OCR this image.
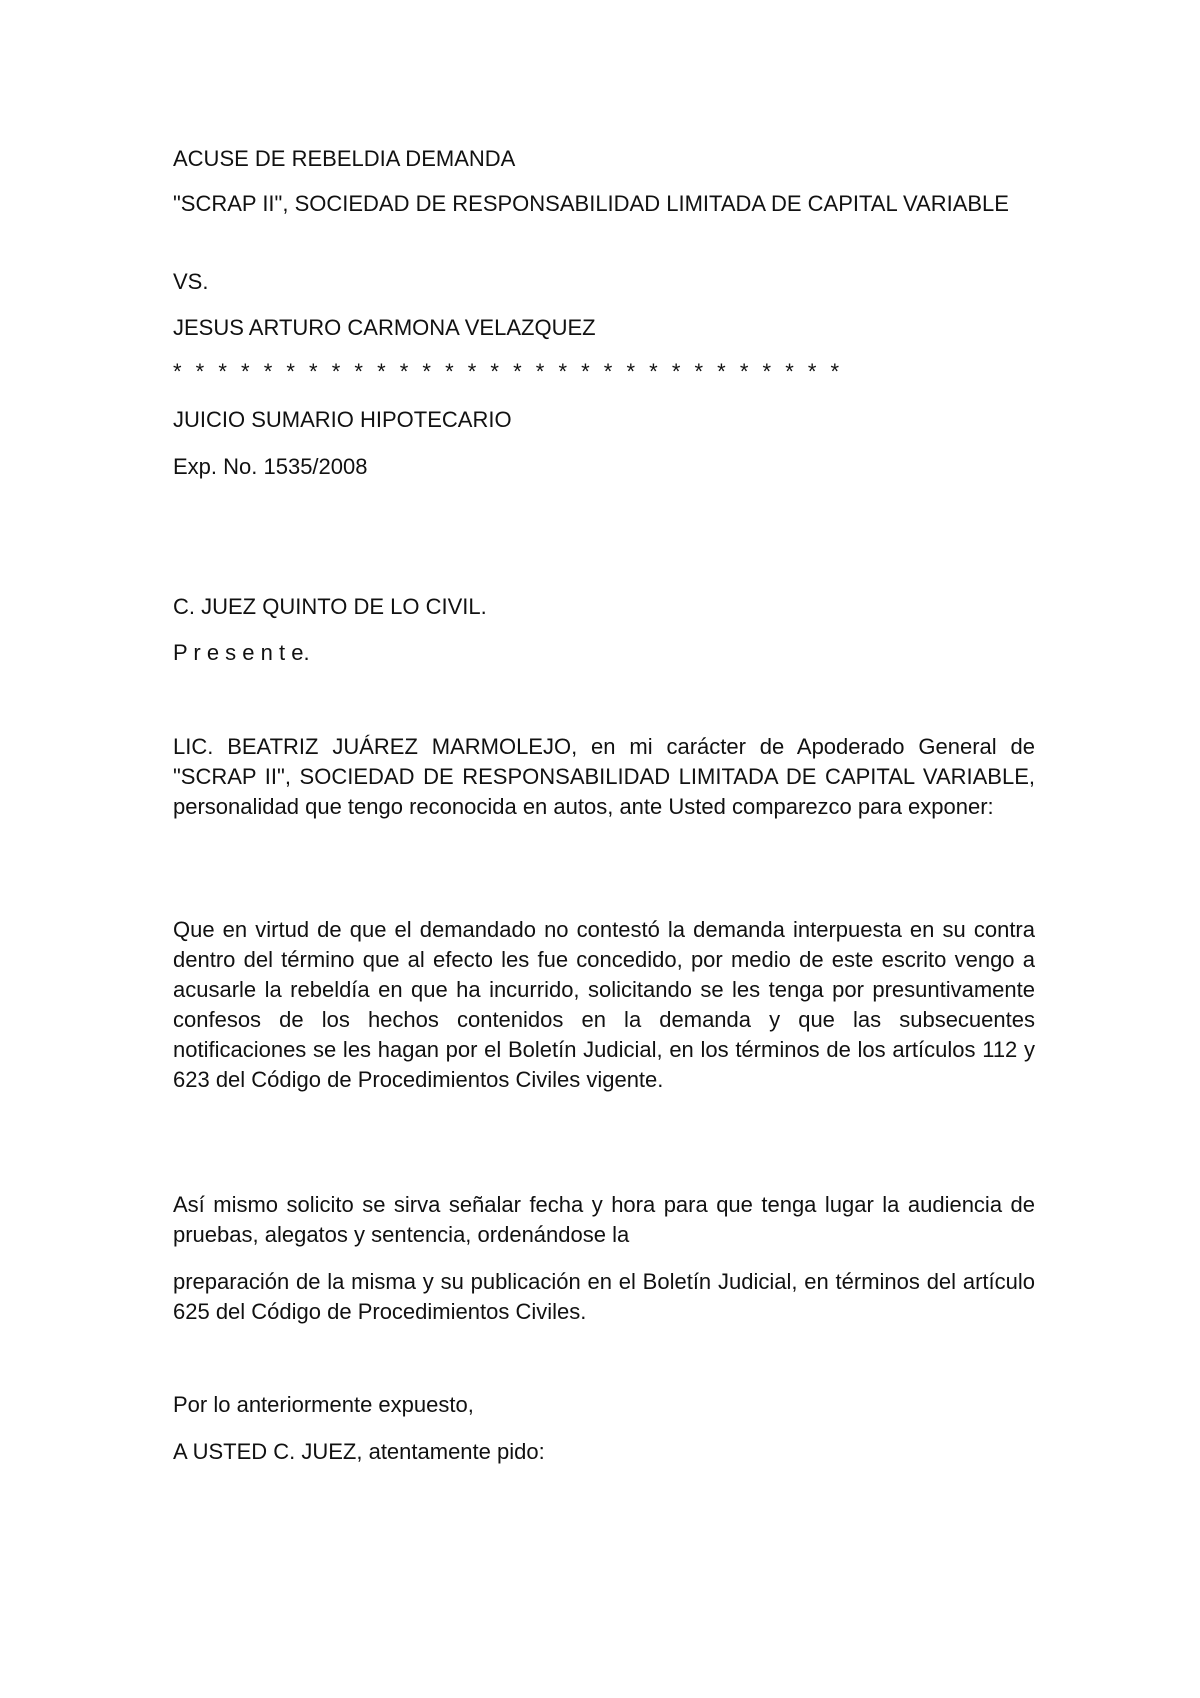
ACUSE DE REBELDIA DEMANDA

"SCRAP II", SOCIEDAD DE RESPONSABILIDAD LIMITADA DE CAPITAL VARIABLE

VS.

JESUS ARTURO CARMONA VELAZQUEZ

* * * * * * * * * * * * * * * * * * * * * * * * * * * * * *

JUICIO SUMARIO HIPOTECARIO

Exp. No. 1535/2008

C. JUEZ QUINTO DE LO CIVIL.

P r e s e n t e.

LIC. BEATRIZ JUÁREZ MARMOLEJO, en mi carácter de Apoderado General de "SCRAP II", SOCIEDAD DE RESPONSABILIDAD LIMITADA DE CAPITAL VARIABLE, personalidad que tengo reconocida en autos, ante Usted comparezco para exponer:

Que en virtud de que el demandado no contestó la demanda interpuesta en su contra dentro del término que al efecto les fue concedido, por medio de este escrito vengo a acusarle la rebeldía en que ha incurrido, solicitando se les tenga por presuntivamente confesos de los hechos contenidos en la demanda y que las subsecuentes notificaciones se les hagan por el Boletín Judicial, en los términos de los artículos 112 y 623 del Código de Procedimientos Civiles vigente.

Así mismo solicito se sirva señalar fecha y hora para que tenga lugar la audiencia de pruebas, alegatos y sentencia, ordenándose la

preparación de la misma y su publicación en el Boletín Judicial, en términos del artículo 625 del Código de Procedimientos Civiles.

Por lo anteriormente expuesto,

A USTED C. JUEZ, atentamente pido:
